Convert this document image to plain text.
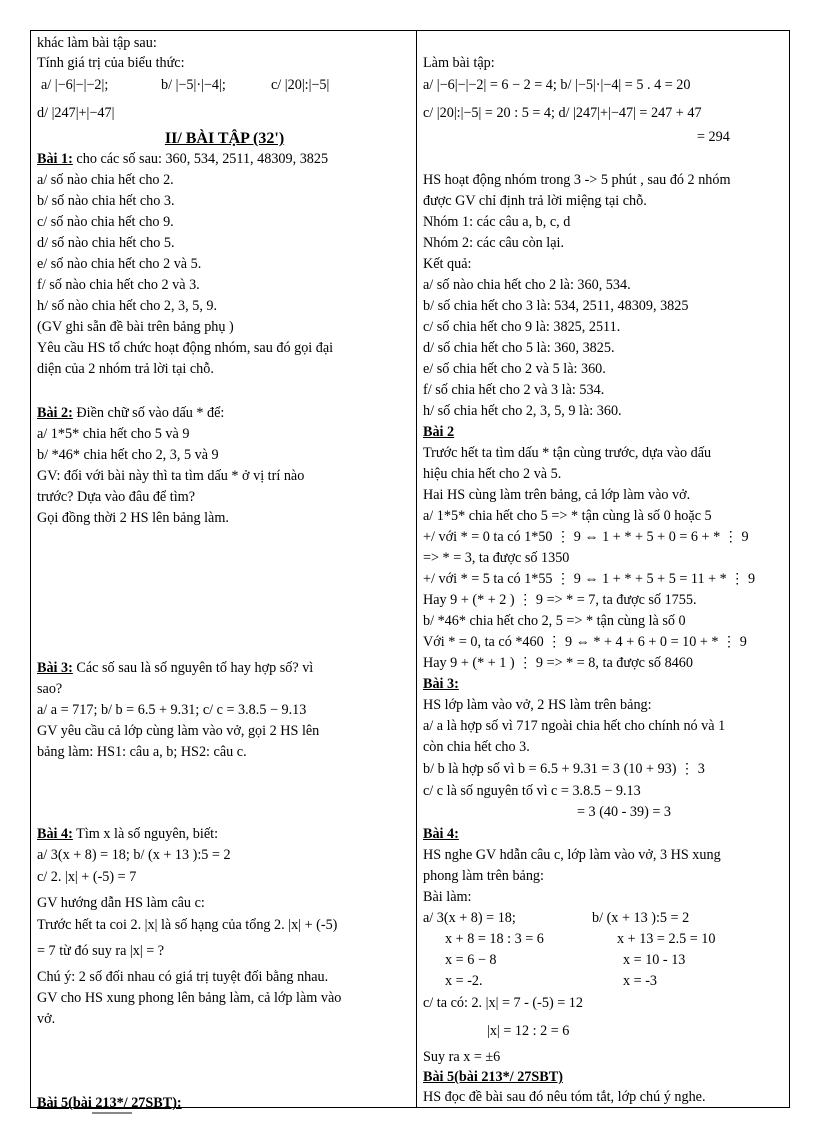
khác làm bài tập sau:
Tính giá trị của biểu thức:
a/ |−6|−|−2|;	b/ |−5|·|−4|;	c/ |20|:|−5|
d/ |247|+|−47|
II/ BÀI TẬP (32')
Bài 1: cho các số sau: 360, 534, 2511, 48309, 3825
a/ số nào chia hết cho 2.
b/ số nào chia hết cho 3.
c/ số nào chia hết cho 9.
d/ số nào chia hết cho 5.
e/ số nào chia hết cho 2 và 5.
f/ số nào chia hết cho 2 và 3.
h/ số nào chia hết cho 2, 3, 5, 9.
(GV ghi sẵn đề bài trên bảng phụ )
Yêu cầu HS tổ chức hoạt động nhóm, sau đó gọi đại
diện của 2 nhóm trả lời tại chỗ.
Bài 2: Điền chữ số vào dấu * để:
a/ 1*5* chia hết cho 5 và 9
b/ *46* chia hết cho 2, 3, 5 và 9
GV: đối với bài này thì ta tìm dấu * ở vị trí nào
trước? Dựa vào đâu để tìm?
Gọi đồng thời 2 HS lên bảng làm.
Bài 3: Các số sau là số nguyên tố hay hợp số? vì
sao?
a/ a = 717; b/ b = 6.5 + 9.31; c/ c = 3.8.5 − 9.13
GV yêu cầu cả lớp cùng làm vào vở, gọi 2 HS lên
bảng làm: HS1: câu a, b; HS2: câu c.
Bài 4: Tìm x là số nguyên, biết:
a/ 3(x + 8) = 18; b/ (x + 13 ):5 = 2
c/ 2. |x| + (-5) = 7
GV hướng dẫn HS làm câu c:
Trước hết ta coi 2. |x| là số hạng của tổng 2. |x| + (-5)
= 7 từ đó suy ra |x| = ?
Chú ý: 2 số đối nhau có giá trị tuyệt đối bằng nhau.
GV cho HS xung phong lên bảng làm, cả lớp làm vào
vở.
Bài 5(bài 213*/ 27SBT):
Làm bài tập:
a/ |−6|−|−2| = 6 − 2 = 4; b/ |−5|·|−4| = 5 . 4 = 20
c/ |20|:|−5| = 20 : 5 = 4; d/ |247|+|−47| = 247 + 47
= 294
HS hoạt động nhóm trong 3 -> 5 phút , sau đó 2 nhóm
được GV chỉ định trả lời miệng tại chỗ.
Nhóm 1: các câu a, b, c, d
Nhóm 2: các câu còn lại.
Kết quả:
a/ số nào chia hết cho 2 là: 360, 534.
b/ số chia hết cho 3 là: 534, 2511, 48309, 3825
c/ số chia hết cho 9 là: 3825, 2511.
d/ số chia hết cho 5 là: 360, 3825.
e/ số chia hết cho 2 và 5 là: 360.
f/ số chia hết cho 2 và 3 là: 534.
h/ số chia hết cho 2, 3, 5, 9 là: 360.
Bài 2
Trước hết ta tìm dấu * tận cùng trước, dựa vào dấu
hiệu chia hết cho 2 và 5.
Hai HS cùng làm trên bảng, cả lớp làm vào vở.
a/ 1*5* chia hết cho 5 => * tận cùng là số 0 hoặc 5
+/ với * = 0 ta có 1*50 ⋮ 9 ⇔ 1 + * + 5 + 0 = 6 + * ⋮ 9
=> * = 3, ta được số 1350
+/ với * = 5 ta có 1*55 ⋮ 9 ⇔ 1 + * + 5 + 5 = 11 + * ⋮ 9
Hay 9 + (* + 2 ) ⋮ 9 => * = 7, ta được số 1755.
b/ *46* chia hết cho 2, 5 => * tận cùng là số 0
Với * = 0, ta có *460 ⋮ 9 ⇔ * + 4 + 6 + 0 = 10 + * ⋮ 9
Hay 9 + (* + 1 ) ⋮ 9 => * = 8, ta được số 8460
Bài 3:
HS lớp làm vào vở, 2 HS làm trên bảng:
a/ a là hợp số vì 717 ngoài chia hết cho chính nó và 1
còn chia hết cho 3.
b/ b là hợp số vì b = 6.5 + 9.31 = 3 (10 + 93) ⋮ 3
c/ c là số nguyên tố vì c = 3.8.5 − 9.13
= 3 (40 - 39) = 3
Bài 4:
HS nghe GV hdẫn câu c, lớp làm vào vở, 3 HS xung
phong làm trên bảng:
Bài làm:
a/ 3(x + 8) = 18;	b/ (x + 13 ):5 = 2
x + 8 = 18 : 3 = 6	x + 13 = 2.5 = 10
x = 6 − 8	x = 10 - 13
x = -2.	x = -3
c/ ta có: 2. |x| = 7 - (-5) = 12
|x| = 12 : 2 = 6
Suy ra x = ±6
Bài 5(bài 213*/ 27SBT)
HS đọc đề bài sau đó nêu tóm tắt, lớp chú ý nghe.
